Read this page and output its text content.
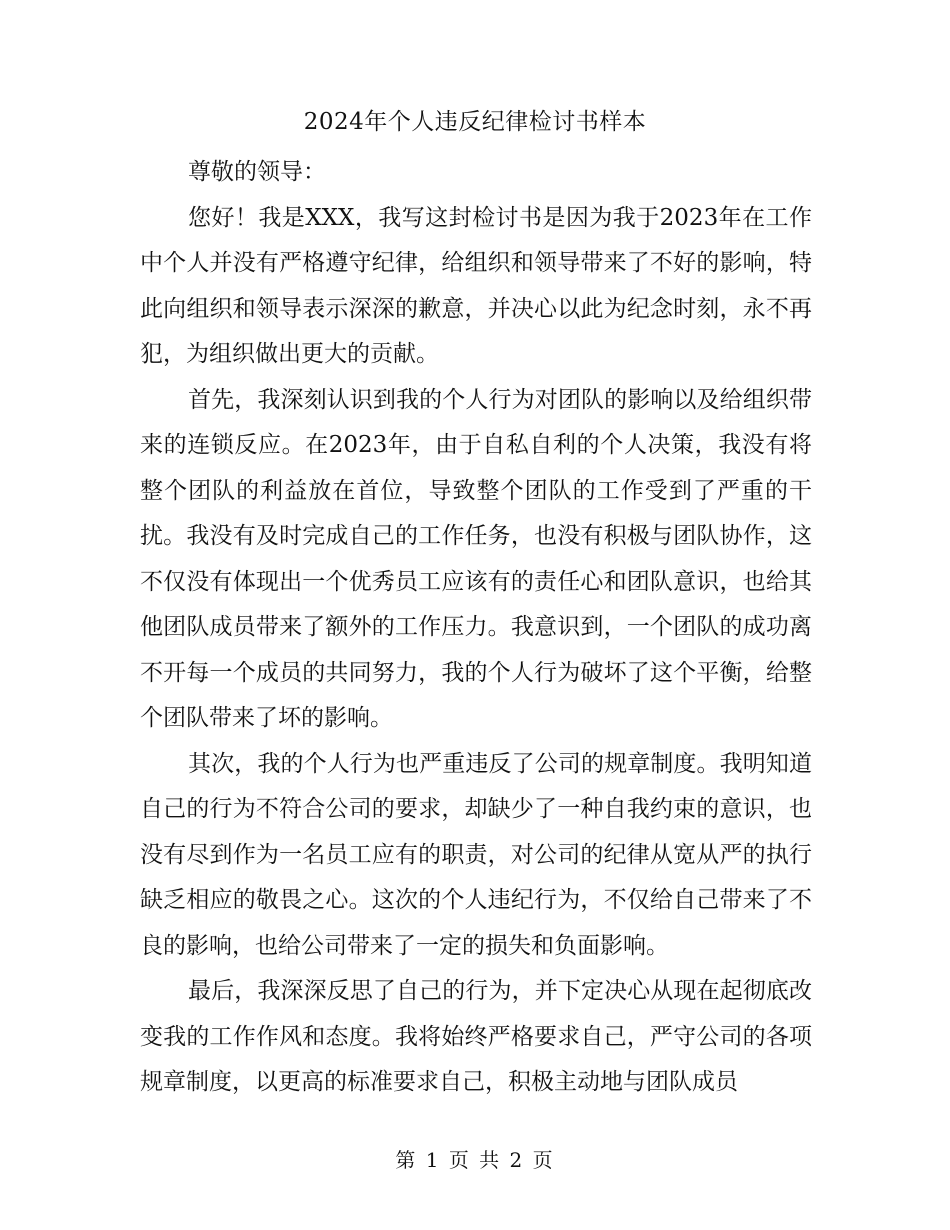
2024年个人违反纪律检讨书样本

尊敬的领导：

您好！我是XXX，我写这封检讨书是因为我于2023年在工作中个人并没有严格遵守纪律，给组织和领导带来了不好的影响，特此向组织和领导表示深深的歉意，并决心以此为纪念时刻，永不再犯，为组织做出更大的贡献。

首先，我深刻认识到我的个人行为对团队的影响以及给组织带来的连锁反应。在2023年，由于自私自利的个人决策，我没有将整个团队的利益放在首位，导致整个团队的工作受到了严重的干扰。我没有及时完成自己的工作任务，也没有积极与团队协作，这不仅没有体现出一个优秀员工应该有的责任心和团队意识，也给其他团队成员带来了额外的工作压力。我意识到，一个团队的成功离不开每一个成员的共同努力，我的个人行为破坏了这个平衡，给整个团队带来了坏的影响。

其次，我的个人行为也严重违反了公司的规章制度。我明知道自己的行为不符合公司的要求，却缺少了一种自我约束的意识，也没有尽到作为一名员工应有的职责，对公司的纪律从宽从严的执行缺乏相应的敬畏之心。这次的个人违纪行为，不仅给自己带来了不良的影响，也给公司带来了一定的损失和负面影响。

最后，我深深反思了自己的行为，并下定决心从现在起彻底改变我的工作作风和态度。我将始终严格要求自己，严守公司的各项规章制度，以更高的标准要求自己，积极主动地与团队成员

第 1 页 共 2 页
